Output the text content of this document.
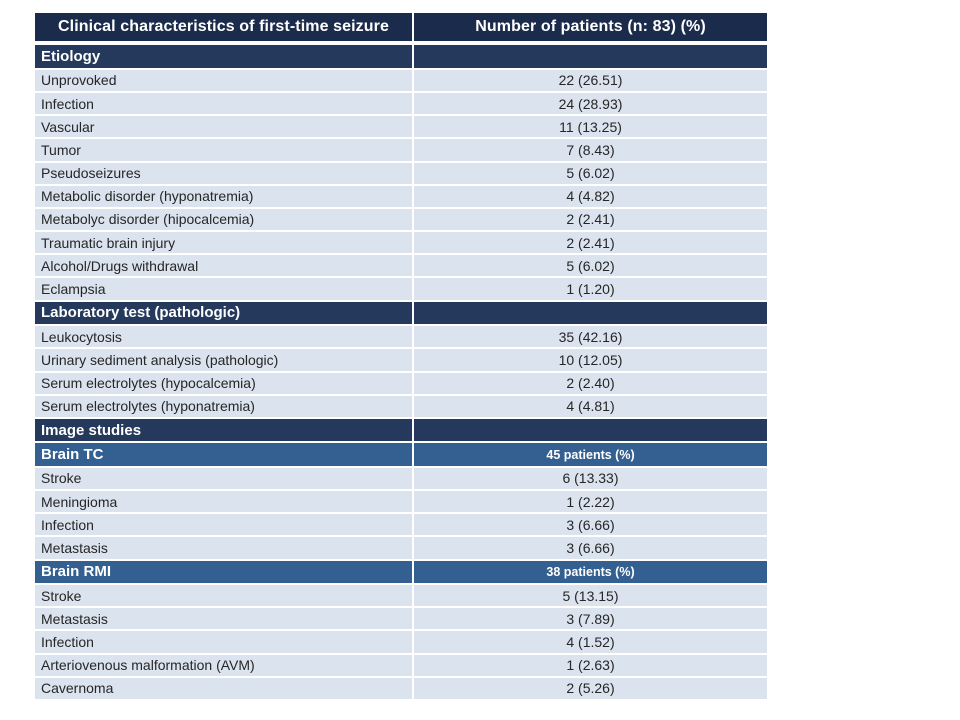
Clinical characteristics of first-time seizure	Number of patients (n: 83) (%)
Etiology	
Unprovoked	22 (26.51)
Infection	24 (28.93)
Vascular	11 (13.25)
Tumor	7 (8.43)
Pseudoseizures	5 (6.02)
Metabolic disorder (hyponatremia)	4 (4.82)
Metabolyc disorder (hipocalcemia)	2 (2.41)
Traumatic brain injury	2 (2.41)
Alcohol/Drugs withdrawal	5 (6.02)
Eclampsia	1 (1.20)
Laboratory test (pathologic)	
Leukocytosis	35 (42.16)
Urinary sediment analysis (pathologic)	10 (12.05)
Serum electrolytes (hypocalcemia)	2 (2.40)
Serum electrolytes (hyponatremia)	4 (4.81)
Image studies	
Brain TC	45 patients (%)
Stroke	6 (13.33)
Meningioma	1 (2.22)
Infection	3 (6.66)
Metastasis	3 (6.66)
Brain RMI	38 patients (%)
Stroke	5 (13.15)
Metastasis	3 (7.89)
Infection	4 (1.52)
Arteriovenous malformation (AVM)	1 (2.63)
Cavernoma	2 (5.26)
